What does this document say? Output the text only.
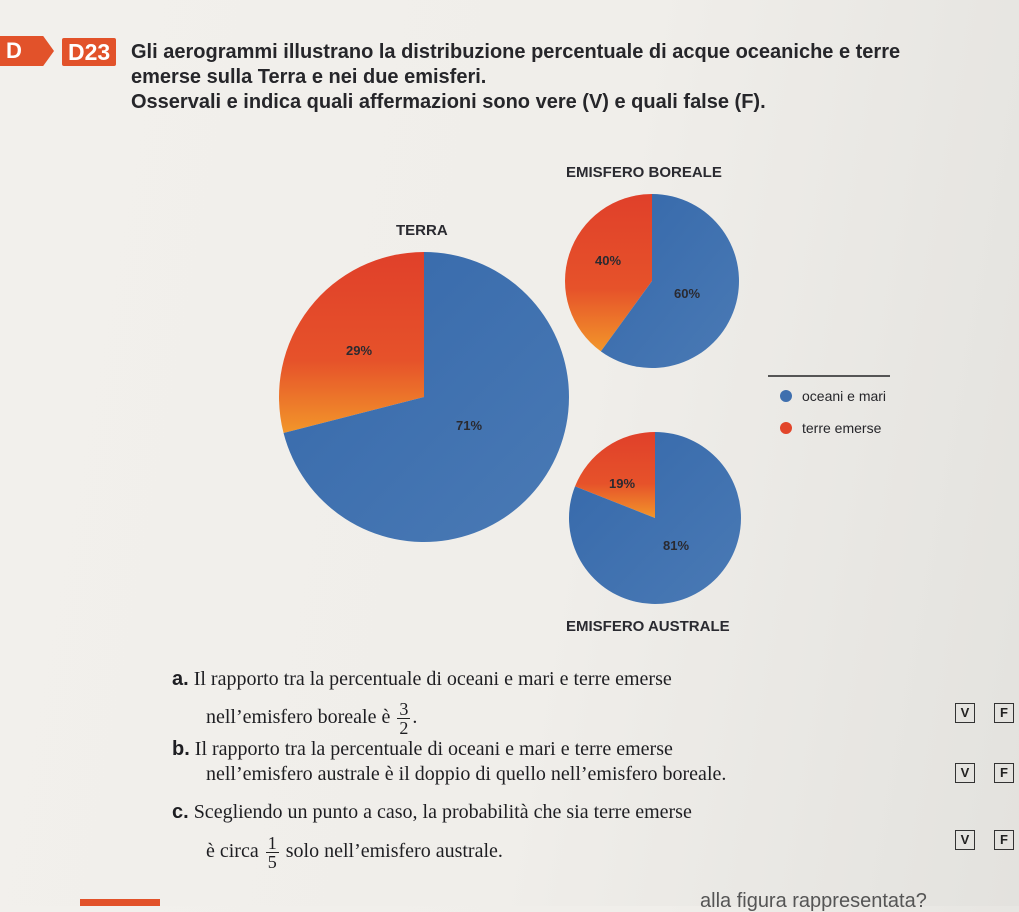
D D23	Gli aerogrammi illustrano la distribuzione percentuale di acque oceaniche e terre
emerse sulla Terra e nei due emisferi.
Osservali e indica quali affermazioni sono vere (V) e quali false (F).
TERRA
EMISFERO BOREALE
EMISFERO AUSTRALE
29%
71%
40%
60%
19%
81%
oceani e mari
terre emerse
a. Il rapporto tra la percentuale di oceani e mari e terre emerse
nell’emisfero boreale è $\frac{3}{2}$ .	V	F
b. Il rapporto tra la percentuale di oceani e mari e terre emerse
nell’emisfero australe è il doppio di quello nell’emisfero boreale.	V	F
c. Scegliendo un punto a caso, la probabilità che sia terre emerse
è circa $\frac{1}{5}$ solo nell’emisfero australe.
V	F
alla figura rappresentata?
